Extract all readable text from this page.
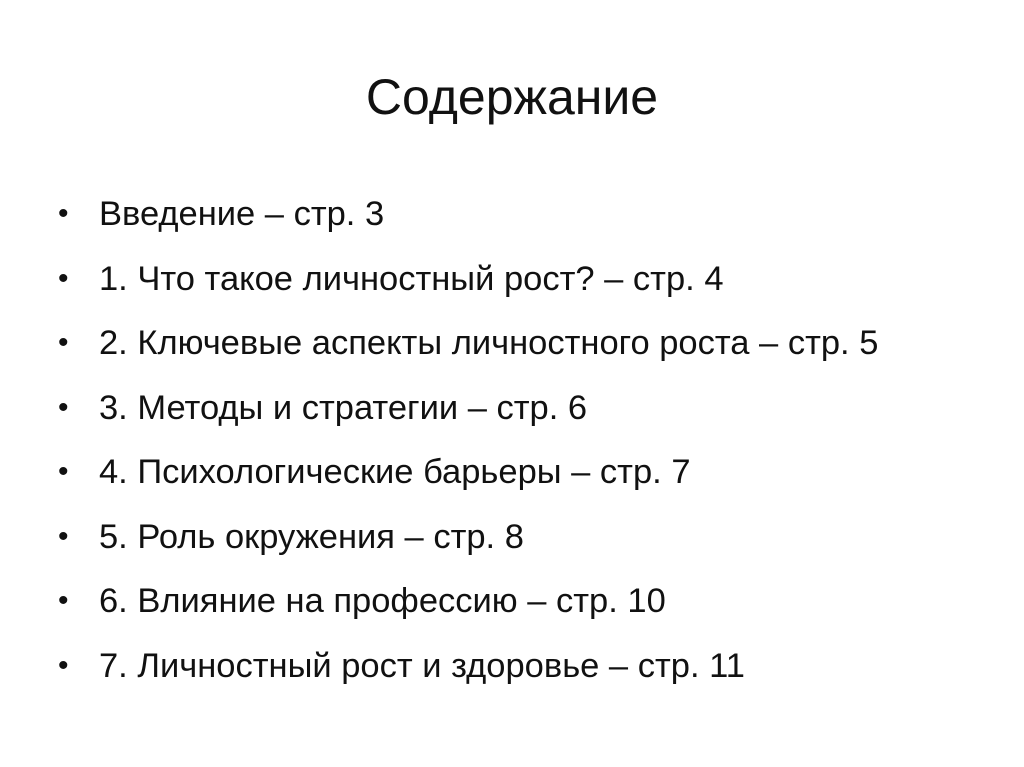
Содержание
• Введение – стр. 3
• 1. Что такое личностный рост? – стр. 4
• 2. Ключевые аспекты личностного роста – стр. 5
• 3. Методы и стратегии – стр. 6
• 4. Психологические барьеры – стр. 7
• 5. Роль окружения – стр. 8
• 6. Влияние на профессию – стр. 10
• 7. Личностный рост и здоровье – стр. 11
